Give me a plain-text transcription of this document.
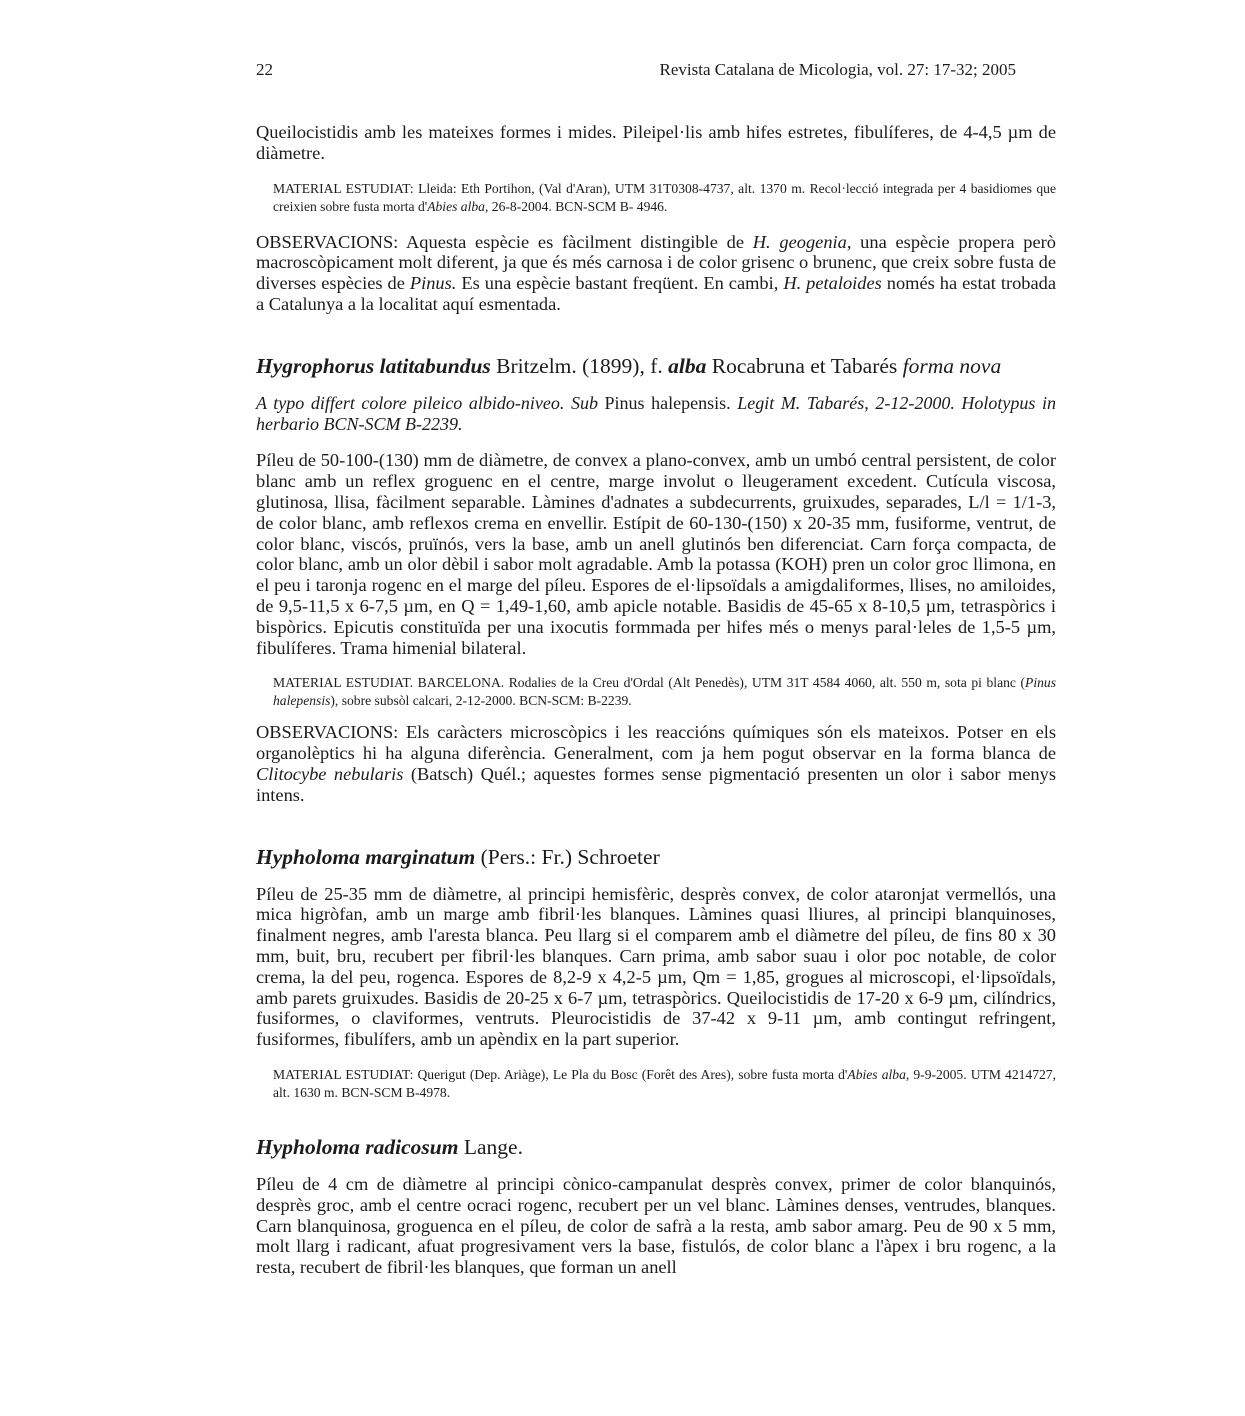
22	Revista Catalana de Micologia, vol. 27: 17-32; 2005

Queilocistidis amb les mateixes formes i mides. Pileipel·lis amb hifes estretes, fibulíferes, de 4-4,5 µm de diàmetre.

MATERIAL ESTUDIAT: Lleida: Eth Portihon, (Val d'Aran), UTM 31T0308-4737, alt. 1370 m. Recol·lecció integrada per 4 basidiomes que creixien sobre fusta morta d'Abies alba, 26-8-2004. BCN-SCM B- 4946.

OBSERVACIONS: Aquesta espècie es fàcilment distingible de H. geogenia, una espècie propera però macroscòpicament molt diferent, ja que és més carnosa i de color grisenc o brunenc, que creix sobre fusta de diverses espècies de Pinus. Es una espècie bastant freqüent. En cambi, H. petaloides només ha estat trobada a Catalunya a la localitat aquí esmentada.

Hygrophorus latitabundus Britzelm. (1899), f. alba Rocabruna et Tabarés forma nova

A typo differt colore pileico albido-niveo. Sub Pinus halepensis. Legit M. Tabarés, 2-12-2000. Holotypus in herbario BCN-SCM B-2239.

Píleu de 50-100-(130) mm de diàmetre, de convex a plano-convex, amb un umbó central persistent, de color blanc amb un reflex groguenc en el centre, marge involut o lleugerament excedent. Cutícula viscosa, glutinosa, llisa, fàcilment separable. Làmines d'adnates a subdecurrents, gruixudes, separades, L/l = 1/1-3, de color blanc, amb reflexos crema en envellir. Estípit de 60-130-(150) x 20-35 mm, fusiforme, ventrut, de color blanc, viscós, pruïnós, vers la base, amb un anell glutinós ben diferenciat. Carn força compacta, de color blanc, amb un olor dèbil i sabor molt agradable. Amb la potassa (KOH) pren un color groc llimona, en el peu i taronja rogenc en el marge del píleu. Espores de el·lipsoïdals a amigdaliformes, llises, no amiloides, de 9,5-11,5 x 6-7,5 µm, en Q = 1,49-1,60, amb apicle notable. Basidis de 45-65 x 8-10,5 µm, tetraspòrics i bispòrics. Epicutis constituïda per una ixocutis formmada per hifes més o menys paral·leles de 1,5-5 µm, fibulíferes. Trama himenial bilateral.

MATERIAL ESTUDIAT. BARCELONA. Rodalies de la Creu d'Ordal (Alt Penedès), UTM 31T 4584 4060, alt. 550 m, sota pi blanc (Pinus halepensis), sobre subsòl calcari, 2-12-2000. BCN-SCM: B-2239.

OBSERVACIONS: Els caràcters microscòpics i les reaccións químiques són els mateixos. Potser en els organolèptics hi ha alguna diferència. Generalment, com ja hem pogut observar en la forma blanca de Clitocybe nebularis (Batsch) Quél.; aquestes formes sense pigmentació presenten un olor i sabor menys intens.

Hypholoma marginatum (Pers.: Fr.) Schroeter

Píleu de 25-35 mm de diàmetre, al principi hemisfèric, desprès convex, de color ataronjat vermellós, una mica higròfan, amb un marge amb fibril·les blanques. Làmines quasi lliures, al principi blanquinoses, finalment negres, amb l'aresta blanca. Peu llarg si el comparem amb el diàmetre del píleu, de fins 80 x 30 mm, buit, bru, recubert per fibril·les blanques. Carn prima, amb sabor suau i olor poc notable, de color crema, la del peu, rogenca. Espores de 8,2-9 x 4,2-5 µm, Qm = 1,85, grogues al microscopi, el·lipsoïdals, amb parets gruixudes. Basidis de 20-25 x 6-7 µm, tetraspòrics. Queilocistidis de 17-20 x 6-9 µm, cilíndrics, fusiformes, o claviformes, ventruts. Pleurocistidis de 37-42 x 9-11 µm, amb contingut refringent, fusiformes, fibulífers, amb un apèndix en la part superior.

MATERIAL ESTUDIAT: Querigut (Dep. Ariàge), Le Pla du Bosc (Forêt des Ares), sobre fusta morta d'Abies alba, 9-9-2005. UTM 4214727, alt. 1630 m. BCN-SCM B-4978.

Hypholoma radicosum Lange.

Píleu de 4 cm de diàmetre al principi cònico-campanulat desprès convex, primer de color blanquinós, desprès groc, amb el centre ocraci rogenc, recubert per un vel blanc. Làmines denses, ventrudes, blanques. Carn blanquinosa, groguenca en el píleu, de color de safrà a la resta, amb sabor amarg. Peu de 90 x 5 mm, molt llarg i radicant, afuat progresivament vers la base, fistulós, de color blanc a l'àpex i bru rogenc, a la resta, recubert de fibril·les blanques, que forman un anell
